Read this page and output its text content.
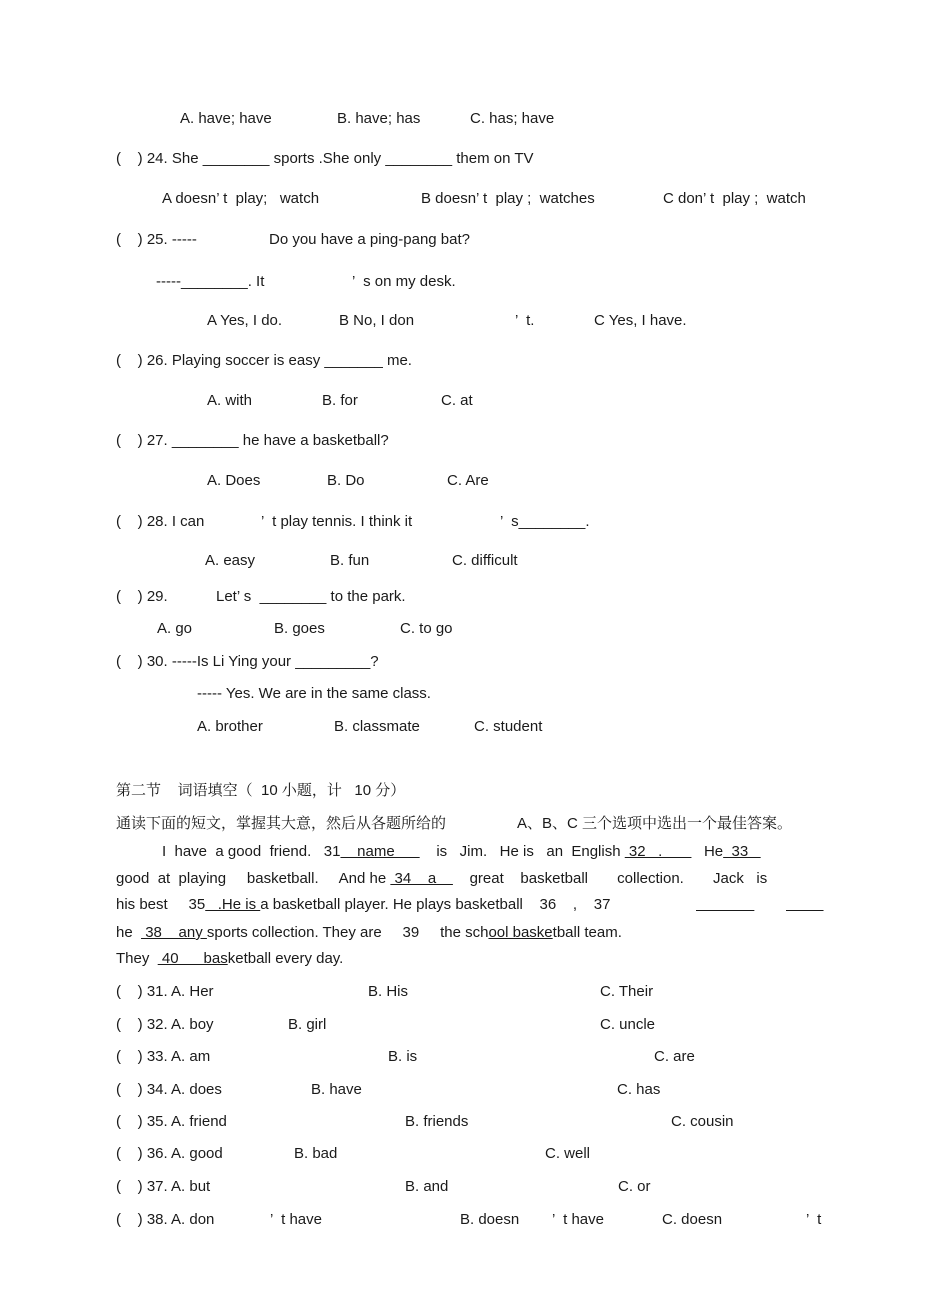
A. have; have	B. have; has	C. has; have
(    ) 24. She ________ sports .She only ________ them on TV
A doesn’ t  play;   watch	B doesn’ t  play ;  watches	C don’ t  play ;  watch
(    ) 25. -----	Do you have a ping-pang bat?
-----________. It	’  s on my desk.
A Yes, I do.	B No, I don	’  t.	C Yes, I have.
(    ) 26. Playing soccer is easy _______ me.
A. with	B. for	C. at
(    ) 27. ________ he have a basketball?
A. Does	B. Do	C. Are
(    ) 28. I can	’  t play tennis. I think it	’  s________.
A. easy	B. fun	C. difficult
(    ) 29.	Let’ s  ________ to the park.
A. go	B. goes	C. to go
(    ) 30. -----Is Li Ying your _________?
----- Yes. We are in the same class.
A. brother	B. classmate	C. student
第二节    词语填空（  10 小题，计   10 分）
通读下面的短文，掌握其大意，然后从各题所给的	A、B、C 三个选项中选出一个最佳答案。
I  have  a good  friend.   31    name          is   Jim.   He is   an  English  32   .          He  33
good  at  playing     basketball.     And he  34    a        great    basketball       collection.       Jack   is
his best     35   .He is a basketball player. He plays basketball    36    ,    37

he   38    any sports collection. They are     39     the school basketball team.
They   40      basketball every day.
(    ) 31. A. Her	B. His	C. Their
(    ) 32. A. boy	B. girl	C. uncle
(    ) 33. A. am	B. is	C. are
(    ) 34. A. does	B. have	C. has
(    ) 35. A. friend	B. friends	C. cousin
(    ) 36. A. good	B. bad	C. well
(    ) 37. A. but	B. and	C. or
(    ) 38. A. don	’  t have	B. doesn ’  t have	C. doesn	’  t
